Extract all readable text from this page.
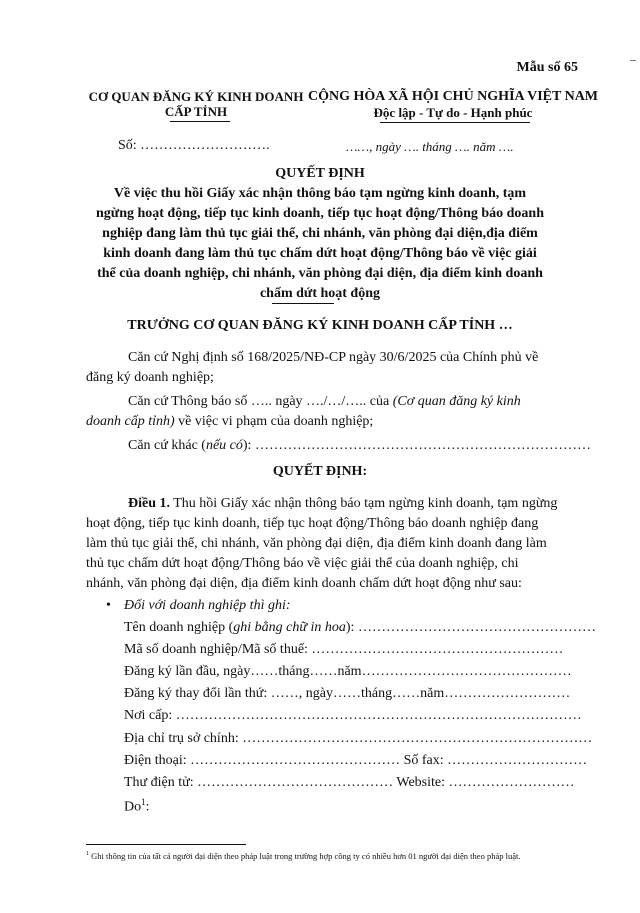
Mẫu số 65
CƠ QUAN ĐĂNG KÝ KINH DOANH
CẤP TỈNH
CỘNG HÒA XÃ HỘI CHỦ NGHĨA VIỆT NAM
Độc lập - Tự do - Hạnh phúc
Số: ……………………….	……, ngày …. tháng …. năm ….
QUYẾT ĐỊNH
Về việc thu hồi Giấy xác nhận thông báo tạm ngừng kinh doanh, tạm
ngừng hoạt động, tiếp tục kinh doanh, tiếp tục hoạt động/Thông báo doanh
nghiệp đang làm thủ tục giải thể, chi nhánh, văn phòng đại diện,địa điểm
kinh doanh đang làm thủ tục chấm dứt hoạt động/Thông báo về việc giải
thể của doanh nghiệp, chi nhánh, văn phòng đại diện, địa điểm kinh doanh
chấm dứt hoạt động
TRƯỞNG CƠ QUAN ĐĂNG KÝ KINH DOANH CẤP TỈNH …
Căn cứ Nghị định số 168/2025/NĐ-CP ngày 30/6/2025 của Chính phủ về
đăng ký doanh nghiệp;
Căn cứ Thông báo số ….. ngày …./…/….. của (Cơ quan đăng ký kinh
doanh cấp tỉnh) về việc vi phạm của doanh nghiệp;
Căn cứ khác (nếu có): ………………………………………………………………
QUYẾT ĐỊNH:
Điều 1. Thu hồi Giấy xác nhận thông báo tạm ngừng kinh doanh, tạm ngừng
hoạt động, tiếp tục kinh doanh, tiếp tục hoạt động/Thông báo doanh nghiệp đang
làm thủ tục giải thể, chi nhánh, văn phòng đại diện, địa điểm kinh doanh đang làm
thủ tục chấm dứt hoạt động/Thông báo về việc giải thể của doanh nghiệp, chi
nhánh, văn phòng đại diện, địa điểm kinh doanh chấm dứt hoạt động như sau:
• Đối với doanh nghiệp thì ghi:
Tên doanh nghiệp (ghi bằng chữ in hoa): ……………………………………………
Mã số doanh nghiệp/Mã số thuế: ………………………………………………
Đăng ký lần đầu, ngày……tháng……năm………………………………………
Đăng ký thay đổi lần thứ: ……, ngày……tháng……năm………………………
Nơi cấp: ……………………………………………………………………………
Địa chỉ trụ sở chính: …………………………………………………………………
Điện thoại: ……………………………………… Số fax: …………………………
Thư điện tử: …………………………………… Website: ………………………
Do$^1$:
$^1$ Ghi thông tin của tất cả người đại diện theo pháp luật trong trường hợp công ty có nhiều hơn 01 người đại diện theo pháp luật.
